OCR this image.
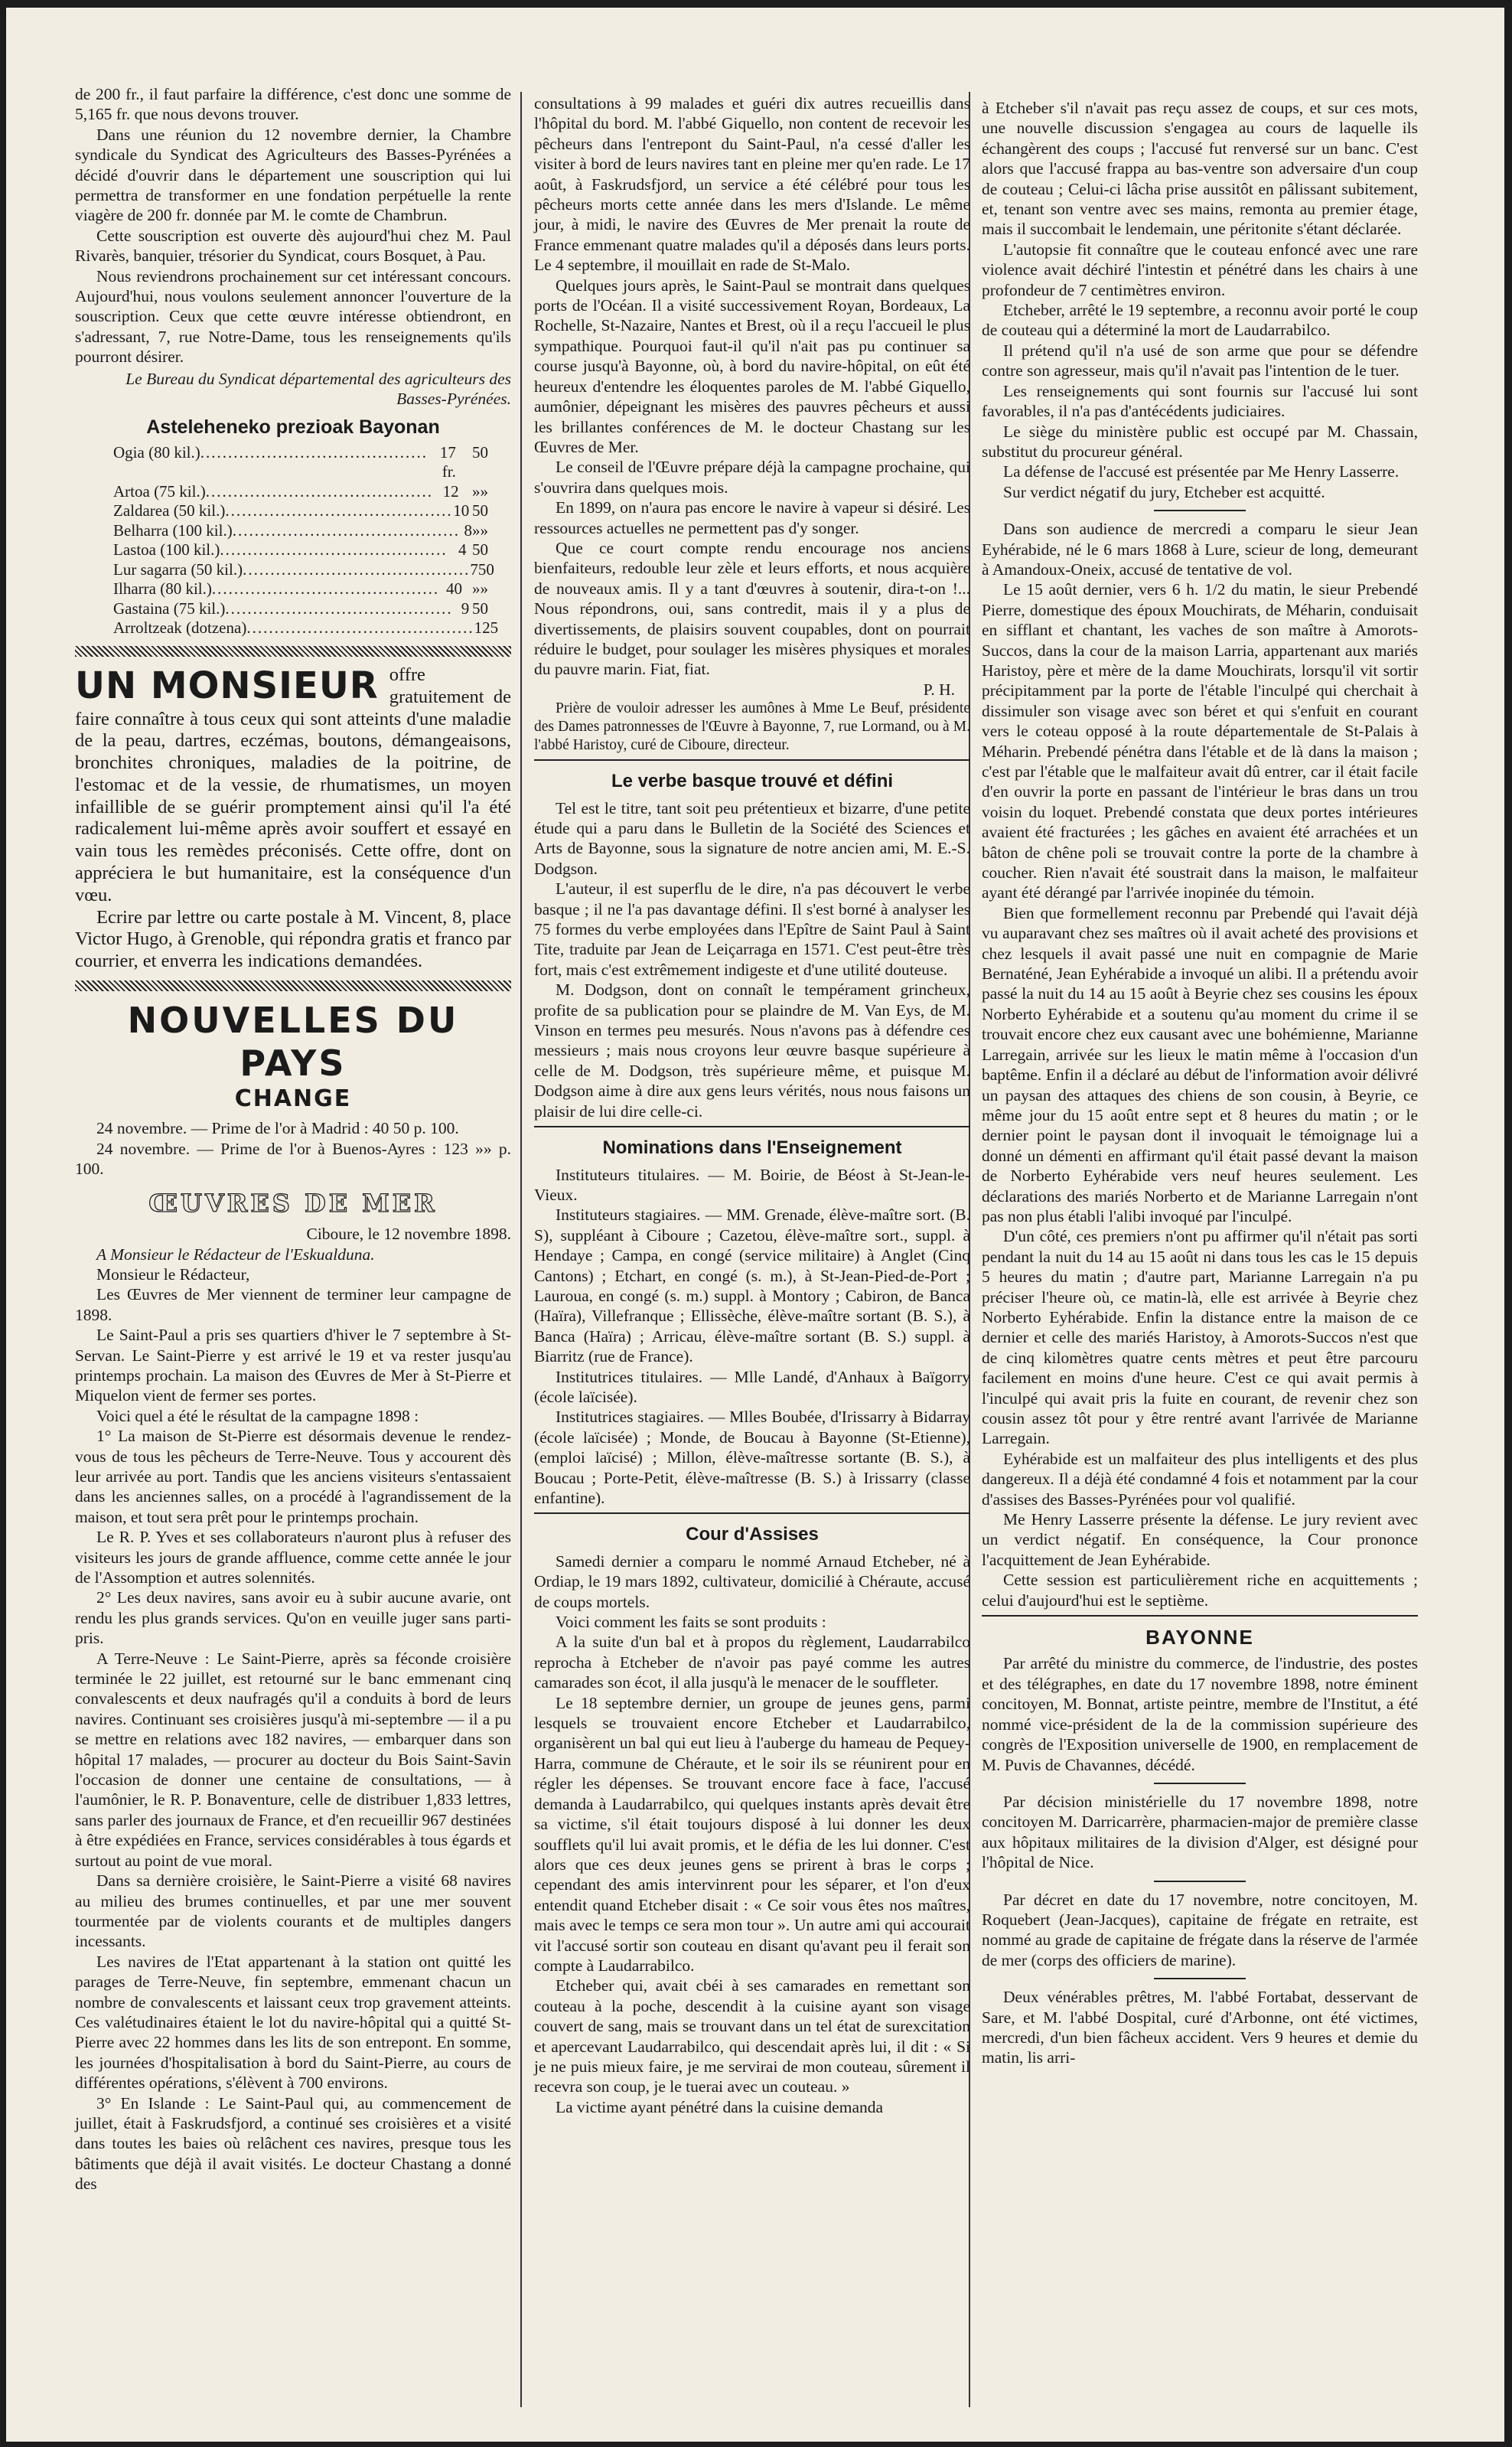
de 200 fr., il faut parfaire la différence, c'est donc une somme de 5,165 fr. que nous devons trouver.

Dans une réunion du 12 novembre dernier, la Chambre syndicale du Syndicat des Agriculteurs des Basses-Pyrénées a décidé d'ouvrir dans le département une souscription qui lui permettra de transformer en une fondation perpétuelle la rente viagère de 200 fr. donnée par M. le comte de Chambrun.

Cette souscription est ouverte dès aujourd'hui chez M. Paul Rivarès, banquier, trésorier du Syndicat, cours Bosquet, à Pau.

Nous reviendrons prochainement sur cet intéressant concours. Aujourd'hui, nous voulons seulement annoncer l'ouverture de la souscription. Ceux que cette œuvre intéresse obtiendront, en s'adressant, 7, rue Notre-Dame, tous les renseignements qu'ils pourront désirer.

Le Bureau du Syndicat départemental des agriculteurs des Basses-Pyrénées.

Asteleheneko prezioak Bayonan
Ogia (80 kil.) ......................................... 17 fr.
50
Artoa (75 kil.) ......................................... 12 »»
Zaldarea (50 kil.) ......................................... 10 50
Belharra (100 kil.) ......................................... 8 »»
Lastoa (100 kil.) ......................................... 4 50
Lur sagarra (50 kil.) ......................................... 7 50
Ilharra (80 kil.) ......................................... 40 »»
Gastaina (75 kil.) ......................................... 9 50
Arroltzeak (dotzena) ......................................... 1 25
UN MONSIEUR offre gratuitement de faire connaître à tous ceux qui sont atteints d'une maladie de la peau, dartres, eczémas, boutons, démangeaisons, bronchites chroniques, maladies de la poitrine, de l'estomac et de la vessie, de rhumatismes, un moyen infaillible de se guérir promptement ainsi qu'il l'a été radicalement lui-même après avoir souffert et essayé en vain tous les remèdes préconisés. Cette offre, dont on appréciera le but humanitaire, est la conséquence d'un vœu.

Ecrire par lettre ou carte postale à M. Vincent, 8, place Victor Hugo, à Grenoble, qui répondra gratis et franco par courrier, et enverra les indications demandées.

NOUVELLES DU PAYS
CHANGE

24 novembre. — Prime de l'or à Madrid : 40 50 p. 100.

24 novembre. — Prime de l'or à Buenos-Ayres : 123 »» p. 100.

ŒUVRES DE MER

Ciboure, le 12 novembre 1898.

A Monsieur le Rédacteur de l'Eskualduna.

Monsieur le Rédacteur,

Les Œuvres de Mer viennent de terminer leur campagne de 1898.

Le Saint-Paul a pris ses quartiers d'hiver le 7 septembre à St-Servan. Le Saint-Pierre y est arrivé le 19 et va rester jusqu'au printemps prochain. La maison des Œuvres de Mer à St-Pierre et Miquelon vient de fermer ses portes.

Voici quel a été le résultat de la campagne 1898 :

1° La maison de St-Pierre est désormais devenue le rendez-vous de tous les pêcheurs de Terre-Neuve. Tous y accourent dès leur arrivée au port. Tandis que les anciens visiteurs s'entassaient dans les anciennes salles, on a procédé à l'agrandissement de la maison, et tout sera prêt pour le printemps prochain.

Le R. P. Yves et ses collaborateurs n'auront plus à refuser des visiteurs les jours de grande affluence, comme cette année le jour de l'Assomption et autres solennités.

2° Les deux navires, sans avoir eu à subir aucune avarie, ont rendu les plus grands services. Qu'on en veuille juger sans parti-pris.

A Terre-Neuve : Le Saint-Pierre, après sa féconde croisière terminée le 22 juillet, est retourné sur le banc emmenant cinq convalescents et deux naufragés qu'il a conduits à bord de leurs navires. Continuant ses croisières jusqu'à mi-septembre — il a pu se mettre en relations avec 182 navires, — embarquer dans son hôpital 17 malades, — procurer au docteur du Bois Saint-Savin l'occasion de donner une centaine de consultations, — à l'aumônier, le R. P. Bonaventure, celle de distribuer 1,833 lettres, sans parler des journaux de France, et d'en recueillir 967 destinées à être expédiées en France, services considérables à tous égards et surtout au point de vue moral.

Dans sa dernière croisière, le Saint-Pierre a visité 68 navires au milieu des brumes continuelles, et par une mer souvent tourmentée par de violents courants et de multiples dangers incessants.

Les navires de l'Etat appartenant à la station ont quitté les parages de Terre-Neuve, fin septembre, emmenant chacun un nombre de convalescents et laissant ceux trop gravement atteints. Ces valétudinaires étaient le lot du navire-hôpital qui a quitté St-Pierre avec 22 hommes dans les lits de son entrepont. En somme, les journées d'hospitalisation à bord du Saint-Pierre, au cours de différentes opérations, s'élèvent à 700 environs.

3° En Islande : Le Saint-Paul qui, au commencement de juillet, était à Faskrudsfjord, a continué ses croisières et a visité dans toutes les baies où relâchent ces navires, presque tous les bâtiments que déjà il avait visités. Le docteur Chastang a donné des

consultations à 99 malades et guéri dix autres recueillis dans l'hôpital du bord. M. l'abbé Giquello, non content de recevoir les pêcheurs dans l'entrepont du Saint-Paul, n'a cessé d'aller les visiter à bord de leurs navires tant en pleine mer qu'en rade. Le 17 août, à Faskrudsfjord, un service a été célébré pour tous les pêcheurs morts cette année dans les mers d'Islande. Le même jour, à midi, le navire des Œuvres de Mer prenait la route de France emmenant quatre malades qu'il a déposés dans leurs ports. Le 4 septembre, il mouillait en rade de St-Malo.

Quelques jours après, le Saint-Paul se montrait dans quelques ports de l'Océan. Il a visité successivement Royan, Bordeaux, La Rochelle, St-Nazaire, Nantes et Brest, où il a reçu l'accueil le plus sympathique. Pourquoi faut-il qu'il n'ait pas pu continuer sa course jusqu'à Bayonne, où, à bord du navire-hôpital, on eût été heureux d'entendre les éloquentes paroles de M. l'abbé Giquello, aumônier, dépeignant les misères des pauvres pêcheurs et aussi les brillantes conférences de M. le docteur Chastang sur les Œuvres de Mer.

Le conseil de l'Œuvre prépare déjà la campagne prochaine, qui s'ouvrira dans quelques mois.

En 1899, on n'aura pas encore le navire à vapeur si désiré. Les ressources actuelles ne permettent pas d'y songer.

Que ce court compte rendu encourage nos anciens bienfaiteurs, redouble leur zèle et leurs efforts, et nous acquière de nouveaux amis. Il y a tant d'œuvres à soutenir, dira-t-on !... Nous répondrons, oui, sans contredit, mais il y a plus de divertissements, de plaisirs souvent coupables, dont on pourrait réduire le budget, pour soulager les misères physiques et morales du pauvre marin. Fiat, fiat.

P. H.

Prière de vouloir adresser les aumônes à Mme Le Beuf, présidente des Dames patronnesses de l'Œuvre à Bayonne, 7, rue Lormand, ou à M. l'abbé Haristoy, curé de Ciboure, directeur.

Le verbe basque trouvé et défini

Tel est le titre, tant soit peu prétentieux et bizarre, d'une petite étude qui a paru dans le Bulletin de la Société des Sciences et Arts de Bayonne, sous la signature de notre ancien ami, M. E.-S. Dodgson.

L'auteur, il est superflu de le dire, n'a pas découvert le verbe basque ; il ne l'a pas davantage défini. Il s'est borné à analyser les 75 formes du verbe employées dans l'Epître de Saint Paul à Saint Tite, traduite par Jean de Leiçarraga en 1571. C'est peut-être très fort, mais c'est extrêmement indigeste et d'une utilité douteuse.

M. Dodgson, dont on connaît le tempérament grincheux, profite de sa publication pour se plaindre de M. Van Eys, de M. Vinson en termes peu mesurés. Nous n'avons pas à défendre ces messieurs ; mais nous croyons leur œuvre basque supérieure à celle de M. Dodgson, très supérieure même, et puisque M. Dodgson aime à dire aux gens leurs vérités, nous nous faisons un plaisir de lui dire celle-ci.

Nominations dans l'Enseignement

Instituteurs titulaires. — M. Boirie, de Béost à St-Jean-le-Vieux.

Instituteurs stagiaires. — MM. Grenade, élève-maître sort. (B. S), suppléant à Ciboure ; Cazetou, élève-maître sort., suppl. à Hendaye ; Campa, en congé (service militaire) à Anglet (Cinq Cantons) ; Etchart, en congé (s. m.), à St-Jean-Pied-de-Port ; Lauroua, en congé (s. m.) suppl. à Montory ; Cabiron, de Banca (Haïra), Villefranque ; Ellissèche, élève-maître sortant (B. S.), à Banca (Haïra) ; Arricau, élève-maître sortant (B. S.) suppl. à Biarritz (rue de France).

Institutrices titulaires. — Mlle Landé, d'Anhaux à Baïgorry (école laïcisée).

Institutrices stagiaires. — Mlles Boubée, d'Irissarry à Bidarray (école laïcisée) ; Monde, de Boucau à Bayonne (St-Etienne), (emploi laïcisé) ; Millon, élève-maîtresse sortante (B. S.), à Boucau ; Porte-Petit, élève-maîtresse (B. S.) à Irissarry (classe enfantine).

Cour d'Assises

Samedi dernier a comparu le nommé Arnaud Etcheber, né à Ordiap, le 19 mars 1892, cultivateur, domicilié à Chéraute, accusé de coups mortels.

Voici comment les faits se sont produits :

A la suite d'un bal et à propos du règlement, Laudarrabilco reprocha à Etcheber de n'avoir pas payé comme les autres camarades son écot, il alla jusqu'à le menacer de le souffleter.

Le 18 septembre dernier, un groupe de jeunes gens, parmi lesquels se trouvaient encore Etcheber et Laudarrabilco, organisèrent un bal qui eut lieu à l'auberge du hameau de Pequey-Harra, commune de Chéraute, et le soir ils se réunirent pour en régler les dépenses. Se trouvant encore face à face, l'accusé demanda à Laudarrabilco, qui quelques instants après devait être sa victime, s'il était toujours disposé à lui donner les deux soufflets qu'il lui avait promis, et le défia de les lui donner. C'est alors que ces deux jeunes gens se prirent à bras le corps ; cependant des amis intervinrent pour les séparer, et l'on d'eux entendit quand Etcheber disait : « Ce soir vous êtes nos maîtres, mais avec le temps ce sera mon tour ». Un autre ami qui accourait vit l'accusé sortir son couteau en disant qu'avant peu il ferait son compte à Laudarrabilco.

Etcheber qui, avait cbéi à ses camarades en remettant son couteau à la poche, descendit à la cuisine ayant son visage couvert de sang, mais se trouvant dans un tel état de surexcitation et apercevant Laudarrabilco, qui descendait après lui, il dit : « Si je ne puis mieux faire, je me servirai de mon couteau, sûrement il recevra son coup, je le tuerai avec un couteau. »

La victime ayant pénétré dans la cuisine demanda

à Etcheber s'il n'avait pas reçu assez de coups, et sur ces mots, une nouvelle discussion s'engagea au cours de laquelle ils échangèrent des coups ; l'accusé fut renversé sur un banc. C'est alors que l'accusé frappa au bas-ventre son adversaire d'un coup de couteau ; Celui-ci lâcha prise aussitôt en pâlissant subitement, et, tenant son ventre avec ses mains, remonta au premier étage, mais il succombait le lendemain, une péritonite s'étant déclarée.

L'autopsie fit connaître que le couteau enfoncé avec une rare violence avait déchiré l'intestin et pénétré dans les chairs à une profondeur de 7 centimètres environ.

Etcheber, arrêté le 19 septembre, a reconnu avoir porté le coup de couteau qui a déterminé la mort de Laudarrabilco.

Il prétend qu'il n'a usé de son arme que pour se défendre contre son agresseur, mais qu'il n'avait pas l'intention de le tuer.

Les renseignements qui sont fournis sur l'accusé lui sont favorables, il n'a pas d'antécédents judiciaires.

Le siège du ministère public est occupé par M. Chassain, substitut du procureur général.

La défense de l'accusé est présentée par Me Henry Lasserre.

Sur verdict négatif du jury, Etcheber est acquitté.

Dans son audience de mercredi a comparu le sieur Jean Eyhérabide, né le 6 mars 1868 à Lure, scieur de long, demeurant à Amandoux-Oneix, accusé de tentative de vol.

Le 15 août dernier, vers 6 h. 1/2 du matin, le sieur Prebendé Pierre, domestique des époux Mouchirats, de Méharin, conduisait en sifflant et chantant, les vaches de son maître à Amorots-Succos, dans la cour de la maison Larria, appartenant aux mariés Haristoy, père et mère de la dame Mouchirats, lorsqu'il vit sortir précipitamment par la porte de l'étable l'inculpé qui cherchait à dissimuler son visage avec son béret et qui s'enfuit en courant vers le coteau opposé à la route départementale de St-Palais à Méharin. Prebendé pénétra dans l'étable et de là dans la maison ; c'est par l'étable que le malfaiteur avait dû entrer, car il était facile d'en ouvrir la porte en passant de l'intérieur le bras dans un trou voisin du loquet. Prebendé constata que deux portes intérieures avaient été fracturées ; les gâches en avaient été arrachées et un bâton de chêne poli se trouvait contre la porte de la chambre à coucher. Rien n'avait été soustrait dans la maison, le malfaiteur ayant été dérangé par l'arrivée inopinée du témoin.

Bien que formellement reconnu par Prebendé qui l'avait déjà vu auparavant chez ses maîtres où il avait acheté des provisions et chez lesquels il avait passé une nuit en compagnie de Marie Bernaténé, Jean Eyhérabide a invoqué un alibi. Il a prétendu avoir passé la nuit du 14 au 15 août à Beyrie chez ses cousins les époux Norberto Eyhérabide et a soutenu qu'au moment du crime il se trouvait encore chez eux causant avec une bohémienne, Marianne Larregain, arrivée sur les lieux le matin même à l'occasion d'un baptême. Enfin il a déclaré au début de l'information avoir délivré un paysan des attaques des chiens de son cousin, à Beyrie, ce même jour du 15 août entre sept et 8 heures du matin ; or le dernier point le paysan dont il invoquait le témoignage lui a donné un démenti en affirmant qu'il était passé devant la maison de Norberto Eyhérabide vers neuf heures seulement. Les déclarations des mariés Norberto et de Marianne Larregain n'ont pas non plus établi l'alibi invoqué par l'inculpé.

D'un côté, ces premiers n'ont pu affirmer qu'il n'était pas sorti pendant la nuit du 14 au 15 août ni dans tous les cas le 15 depuis 5 heures du matin ; d'autre part, Marianne Larregain n'a pu préciser l'heure où, ce matin-là, elle est arrivée à Beyrie chez Norberto Eyhérabide. Enfin la distance entre la maison de ce dernier et celle des mariés Haristoy, à Amorots-Succos n'est que de cinq kilomètres quatre cents mètres et peut être parcouru facilement en moins d'une heure. C'est ce qui avait permis à l'inculpé qui avait pris la fuite en courant, de revenir chez son cousin assez tôt pour y être rentré avant l'arrivée de Marianne Larregain.

Eyhérabide est un malfaiteur des plus intelligents et des plus dangereux. Il a déjà été condamné 4 fois et notamment par la cour d'assises des Basses-Pyrénées pour vol qualifié.

Me Henry Lasserre présente la défense. Le jury revient avec un verdict négatif. En conséquence, la Cour prononce l'acquittement de Jean Eyhérabide.

Cette session est particulièrement riche en acquittements ; celui d'aujourd'hui est le septième.

BAYONNE

Par arrêté du ministre du commerce, de l'industrie, des postes et des télégraphes, en date du 17 novembre 1898, notre éminent concitoyen, M. Bonnat, artiste peintre, membre de l'Institut, a été nommé vice-président de la de la commission supérieure des congrès de l'Exposition universelle de 1900, en remplacement de M. Puvis de Chavannes, décédé.

Par décision ministérielle du 17 novembre 1898, notre concitoyen M. Darricarrère, pharmacien-major de première classe aux hôpitaux militaires de la division d'Alger, est désigné pour l'hôpital de Nice.

Par décret en date du 17 novembre, notre concitoyen, M. Roquebert (Jean-Jacques), capitaine de frégate en retraite, est nommé au grade de capitaine de frégate dans la réserve de l'armée de mer (corps des officiers de marine).

Deux vénérables prêtres, M. l'abbé Fortabat, desservant de Sare, et M. l'abbé Dospital, curé d'Arbonne, ont été victimes, mercredi, d'un bien fâcheux accident. Vers 9 heures et demie du matin, lis arri-
